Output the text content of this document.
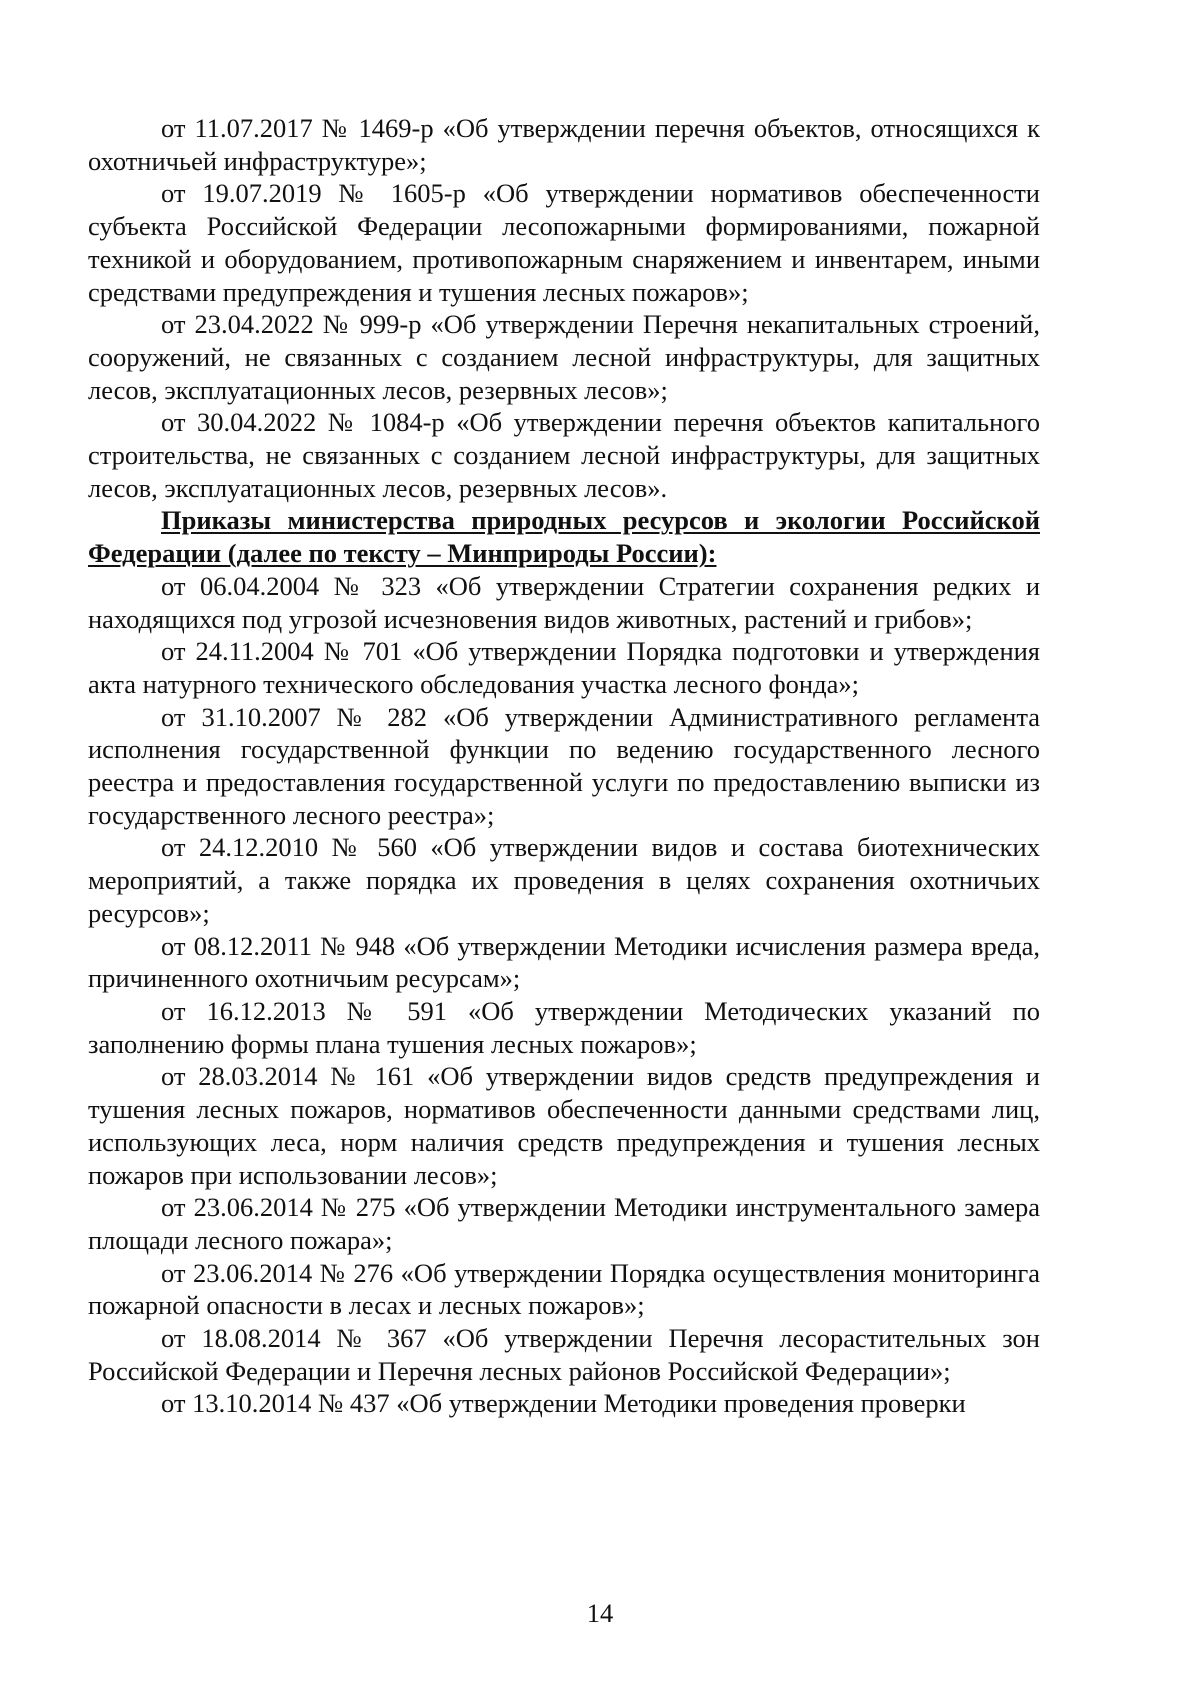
от 11.07.2017 № 1469-р «Об утверждении перечня объектов, относящихся к охотничьей инфраструктуре»;

от 19.07.2019 № 1605-р «Об утверждении нормативов обеспеченности субъекта Российской Федерации лесопожарными формированиями, пожарной техникой и оборудованием, противопожарным снаряжением и инвентарем, иными средствами предупреждения и тушения лесных пожаров»;

от 23.04.2022 № 999-р «Об утверждении Перечня некапитальных строений, сооружений, не связанных с созданием лесной инфраструктуры, для защитных лесов, эксплуатационных лесов, резервных лесов»;

от 30.04.2022 № 1084-р «Об утверждении перечня объектов капитального строительства, не связанных с созданием лесной инфраструктуры, для защитных лесов, эксплуатационных лесов, резервных лесов».

Приказы министерства природных ресурсов и экологии Российской Федерации (далее по тексту – Минприроды России):

от 06.04.2004 № 323 «Об утверждении Стратегии сохранения редких и находящихся под угрозой исчезновения видов животных, растений и грибов»;

от 24.11.2004 № 701 «Об утверждении Порядка подготовки и утверждения акта натурного технического обследования участка лесного фонда»;

от 31.10.2007 № 282 «Об утверждении Административного регламента исполнения государственной функции по ведению государственного лесного реестра и предоставления государственной услуги по предоставлению выписки из государственного лесного реестра»;

от 24.12.2010 № 560 «Об утверждении видов и состава биотехнических мероприятий, а также порядка их проведения в целях сохранения охотничьих ресурсов»;

от 08.12.2011 № 948 «Об утверждении Методики исчисления размера вреда, причиненного охотничьим ресурсам»;

от 16.12.2013 № 591 «Об утверждении Методических указаний по заполнению формы плана тушения лесных пожаров»;

от 28.03.2014 № 161 «Об утверждении видов средств предупреждения и тушения лесных пожаров, нормативов обеспеченности данными средствами лиц, использующих леса, норм наличия средств предупреждения и тушения лесных пожаров при использовании лесов»;

от 23.06.2014 № 275 «Об утверждении Методики инструментального замера площади лесного пожара»;

от 23.06.2014 № 276 «Об утверждении Порядка осуществления мониторинга пожарной опасности в лесах и лесных пожаров»;

от 18.08.2014 № 367 «Об утверждении Перечня лесорастительных зон Российской Федерации и Перечня лесных районов Российской Федерации»;

от 13.10.2014 № 437 «Об утверждении Методики проведения проверки

14
